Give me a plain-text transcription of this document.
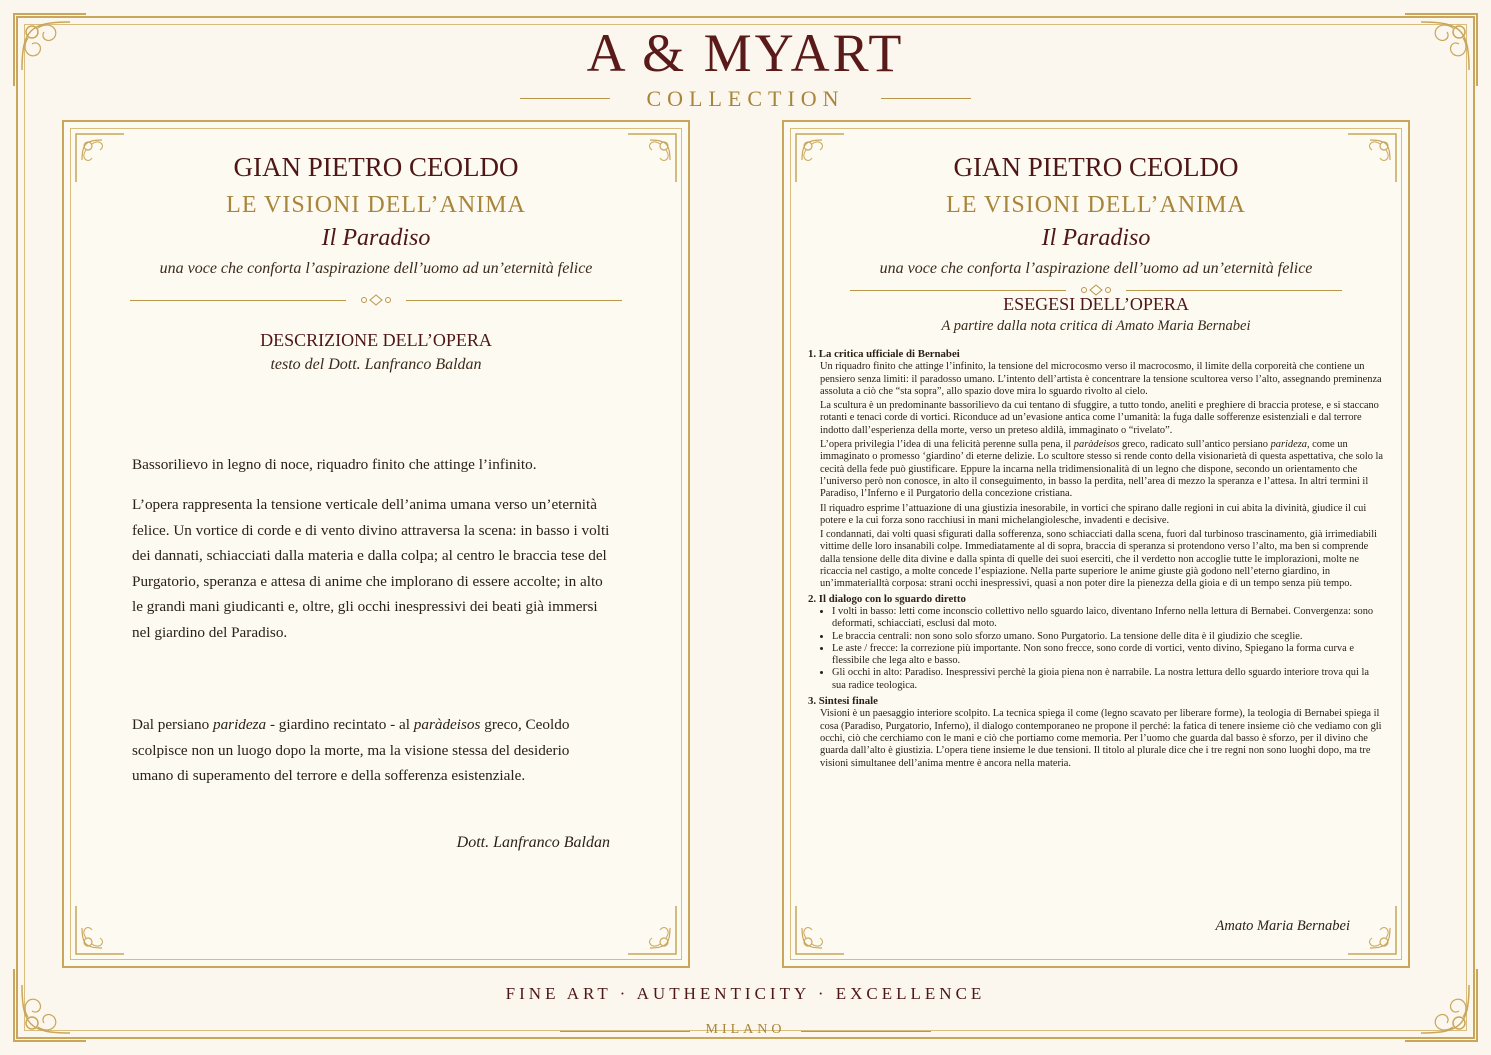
A & MYART
COLLECTION
GIAN PIETRO CEOLDO
LE VISIONI DELL’ANIMA
Il Paradiso
una voce che conforta l’aspirazione dell’uomo ad un’eternità felice
DESCRIZIONE DELL’OPERA
testo del Dott. Lanfranco Baldan

Bassorilievo in legno di noce, riquadro finito che attinge l’infinito.

L’opera rappresenta la tensione verticale dell’anima umana verso un’eternità felice. Un vortice di corde e di vento divino attraversa la scena: in basso i volti dei dannati, schiacciati dalla materia e dalla colpa; al centro le braccia tese del Purgatorio, speranza e attesa di anime che implorano di essere accolte; in alto le grandi mani giudicanti e, oltre, gli occhi inespressivi dei beati già immersi nel giardino del Paradiso.

Dal persiano parideza - giardino recintato - al paràdeisos greco, Ceoldo scolpisce non un luogo dopo la morte, ma la visione stessa del desiderio umano di superamento del terrore e della sofferenza esistenziale.

Dott. Lanfranco Baldan
GIAN PIETRO CEOLDO
LE VISIONI DELL’ANIMA
Il Paradiso
una voce che conforta l’aspirazione dell’uomo ad un’eternità felice
ESEGESI DELL’OPERA
A partire dalla nota critica di Amato Maria Bernabei
1. La critica ufficiale di Bernabei

Un riquadro finito che attinge l’infinito, la tensione del microcosmo verso il macrocosmo, il limite della corporeità che contiene un pensiero senza limiti: il paradosso umano. L’intento dell’artista è concentrare la tensione scultorea verso l’alto, assegnando preminenza assoluta a ciò che “sta sopra”, allo spazio dove mira lo sguardo rivolto al cielo.

La scultura è un predominante bassorilievo da cui tentano di sfuggire, a tutto tondo, aneliti e preghiere di braccia protese, e si staccano rotanti e tenaci corde di vortici. Riconduce ad un’evasione antica come l’umanità: la fuga dalle sofferenze esistenziali e dal terrore indotto dall’esperienza della morte, verso un preteso aldilà, immaginato o “rivelato”.

L’opera privilegia l’idea di una felicità perenne sulla pena, il paràdeisos greco, radicato sull’antico persiano parideza, come un immaginato o promesso ‘giardino’ di eterne delizie. Lo scultore stesso si rende conto della visionarietà di questa aspettativa, che solo la cecità della fede può giustificare. Eppure la incarna nella tridimensionalità di un legno che dispone, secondo un orientamento che l’universo però non conosce, in alto il conseguimento, in basso la perdita, nell’area di mezzo la speranza e l’attesa. In altri termini il Paradiso, l’Inferno e il Purgatorio della concezione cristiana.

Il riquadro esprime l’attuazione di una giustizia inesorabile, in vortici che spirano dalle regioni in cui abita la divinità, giudice il cui potere e la cui forza sono racchiusi in mani michelangiolesche, invadenti e decisive.

I condannati, dai volti quasi sfigurati dalla sofferenza, sono schiacciati dalla scena, fuori dal turbinoso trascinamento, già irrimediabili vittime delle loro insanabili colpe. Immediatamente al di sopra, braccia di speranza si protendono verso l’alto, ma ben si comprende dalla tensione delle dita divine e dalla spinta di quelle dei suoi eserciti, che il verdetto non accoglie tutte le implorazioni, molte ne ricaccia nel castigo, a molte concede l’espiazione. Nella parte superiore le anime giuste già godono nell’eterno giardino, in un’immaterialltà corposa: strani occhi inespressivi, quasi a non poter dire la pienezza della gioia e di un tempo senza più tempo.

2. Il dialogo con lo sguardo diretto
• I volti in basso: letti come inconscio collettivo nello sguardo laico, diventano Inferno nella lettura di Bernabei. Convergenza: sono deformati, schiacciati, esclusi dal moto.
• Le braccia centrali: non sono solo sforzo umano. Sono Purgatorio. La tensione delle dita è il giudizio che sceglie.
• Le aste / frecce: la correzione più importante. Non sono frecce, sono corde di vortici, vento divino, Spiegano la forma curva e flessibile che lega alto e basso.
• Gli occhi in alto: Paradiso. Inespressivi perchè la gioia piena non è narrabile. La nostra lettura dello sguardo interiore trova qui la sua radice teologica.
3. Sintesi finale

Visioni è un paesaggio interiore scolpito. La tecnica spiega il come (legno scavato per liberare forme), la teologia di Bernabei spiega il cosa (Paradiso, Purgatorio, Inferno), il dialogo contemporaneo ne propone il perché: la fatica di tenere insieme ciò che vediamo con gli occhi, ciò che cerchiamo con le mani e ciò che portiamo come memoria. Per l’uomo che guarda dal basso è sforzo, per il divino che guarda dall’alto è giustizia. L’opera tiene insieme le due tensioni. Il titolo al plurale dice che i tre regni non sono luoghi dopo, ma tre visioni simultanee dell’anima mentre è ancora nella materia.

Amato Maria Bernabei
FINE ART · AUTHENTICITY · EXCELLENCE
MILANO
